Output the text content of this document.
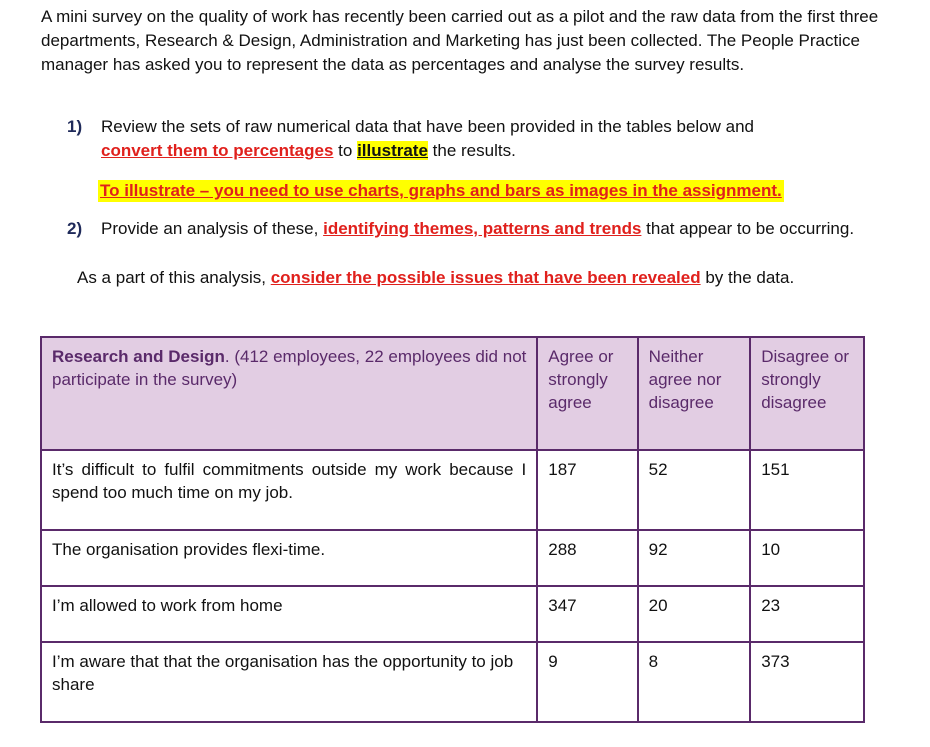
A mini survey on the quality of work has recently been carried out as a pilot and the raw data from the first three departments, Research & Design, Administration and Marketing has just been collected. The People Practice manager has asked you to represent the data as percentages and analyse the survey results.
1) Review the sets of raw numerical data that have been provided in the tables below and
convert them to percentages to illustrate the results.
To illustrate – you need to use charts, graphs and bars as images in the assignment.
2) Provide an analysis of these, identifying themes, patterns and trends that appear to be occurring.
As a part of this analysis, consider the possible issues that have been revealed by the data.
Research and Design. (412 employees, 22 employees did not participate in the survey)	Agree or strongly agree	Neither agree nor disagree	Disagree or strongly disagree
It’s difficult to fulfil commitments outside my work because I spend too much time on my job.	187	52	151
The organisation provides flexi-time.	288	92	10
I’m allowed to work from home	347	20	23
I’m aware that that the organisation has the opportunity to job share	9	8	373
